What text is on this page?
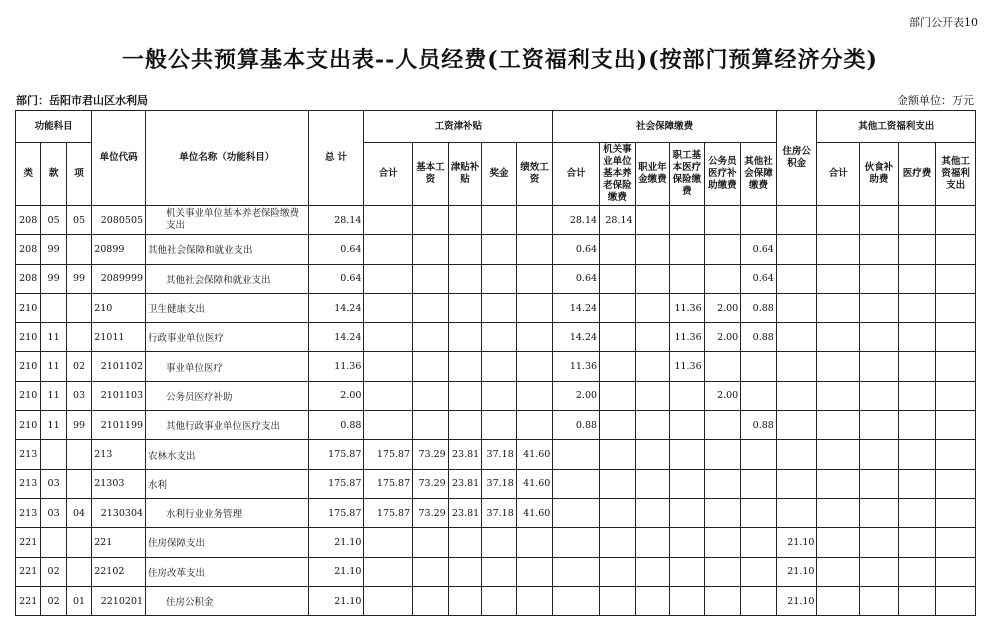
部门公开表10
一般公共预算基本支出表--人员经费(工资福利支出)(按部门预算经济分类)
部门：岳阳市君山区水利局	金额单位：万元
功能科目			单位代码	单位名称（功能科目）	总 计	工资津补贴					社会保障缴费						住房公积金	其他工资福利支出			
类	款	项				合计	基本工资	津贴补贴	奖金	绩效工资	合计	机关事业单位基本养老保险缴费	职业年金缴费	职工基本医疗保险缴费	公务员医疗补助缴费	其他社会保障缴费		合计	伙食补助费	医疗费	其他工资福利支出
208	05	05	2080505	机关事业单位基本养老保险缴费支出	28.14						28.14	28.14									
208	99		20899	其他社会保障和就业支出	0.64						0.64					0.64					
208	99	99	2089999	其他社会保障和就业支出	0.64						0.64					0.64					
210			210	卫生健康支出	14.24						14.24			11.36	2.00	0.88					
210	11		21011	行政事业单位医疗	14.24						14.24			11.36	2.00	0.88					
210	11	02	2101102	事业单位医疗	11.36						11.36			11.36							
210	11	03	2101103	公务员医疗补助	2.00						2.00				2.00						
210	11	99	2101199	其他行政事业单位医疗支出	0.88						0.88					0.88					
213			213	农林水支出	175.87	175.87	73.29	23.81	37.18	41.60											
213	03		21303	水利	175.87	175.87	73.29	23.81	37.18	41.60											
213	03	04	2130304	水利行业业务管理	175.87	175.87	73.29	23.81	37.18	41.60											
221			221	住房保障支出	21.10												21.10				
221	02		22102	住房改革支出	21.10												21.10				
221	02	01	2210201	住房公积金	21.10												21.10				
